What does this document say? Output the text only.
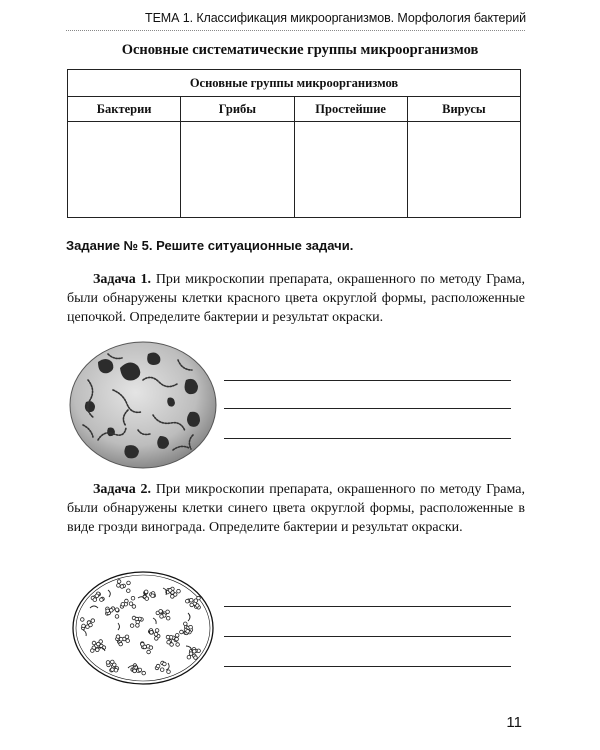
ТЕМА 1. Классификация микроорганизмов. Морфология бактерий
Основные систематические группы микроорганизмов
Основные группы микроорганизмов			
Бактерии	Грибы	Простейшие	Вирусы

Задание № 5. Решите ситуационные задачи.
Задача 1. При микроскопии препарата, окрашенного по методу Грама, были обнаружены клетки красного цвета округлой формы, расположенные цепочкой. Определите бактерии и результат окраски.
Задача 2. При микроскопии препарата, окрашенного по методу Грама, были обнаружены клетки синего цвета округлой формы, расположенные в виде грозди винограда. Определите бактерии и результат окраски.
11
